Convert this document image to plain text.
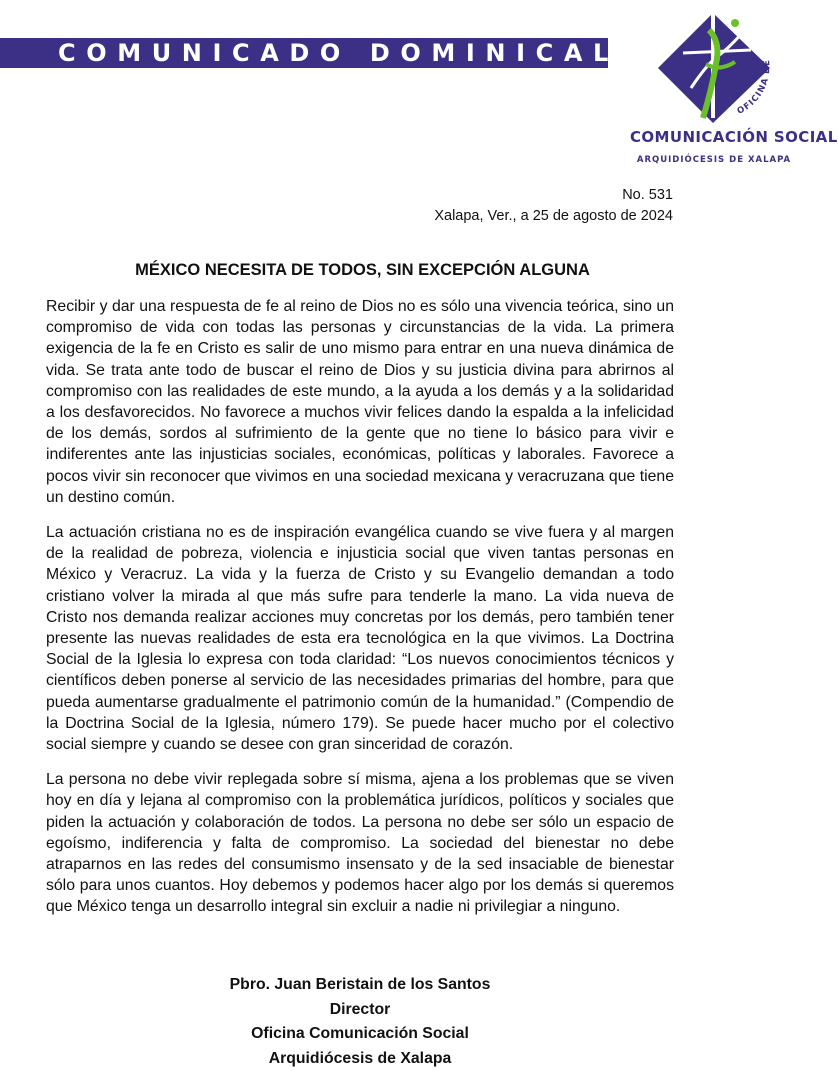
COMUNICADO DOMINICAL
OFICINA DE
COMUNICACIÓN SOCIAL
ARQUIDIÓCESIS DE XALAPA
No. 531
Xalapa, Ver., a 25 de agosto de 2024
MÉXICO NECESITA DE TODOS, SIN EXCEPCIÓN ALGUNA

Recibir y dar una respuesta de fe al reino de Dios no es sólo una vivencia teórica, sino un compromiso de vida con todas las personas y circunstancias de la vida. La primera exigencia de la fe en Cristo es salir de uno mismo para entrar en una nueva dinámica de vida. Se trata ante todo de buscar el reino de Dios y su justicia divina para abrirnos al compromiso con las realidades de este mundo, a la ayuda a los demás y a la solidaridad a los desfavorecidos. No favorece a muchos vivir felices dando la espalda a la infelicidad de los demás, sordos al sufrimiento de la gente que no tiene lo básico para vivir e indiferentes ante las injusticias sociales, económicas, políticas y laborales. Favorece a pocos vivir sin reconocer que vivimos en una sociedad mexicana y veracruzana que tiene un destino común.

La actuación cristiana no es de inspiración evangélica cuando se vive fuera y al margen de la realidad de pobreza, violencia e injusticia social que viven tantas personas en México y Veracruz. La vida y la fuerza de Cristo y su Evangelio demandan a todo cristiano volver la mirada al que más sufre para tenderle la mano. La vida nueva de Cristo nos demanda realizar acciones muy concretas por los demás, pero también tener presente las nuevas realidades de esta era tecnológica en la que vivimos. La Doctrina Social de la Iglesia lo expresa con toda claridad: “Los nuevos conocimientos técnicos y científicos deben ponerse al servicio de las necesidades primarias del hombre, para que pueda aumentarse gradualmente el patrimonio común de la humanidad.” (Compendio de la Doctrina Social de la Iglesia, número 179). Se puede hacer mucho por el colectivo social siempre y cuando se desee con gran sinceridad de corazón.

La persona no debe vivir replegada sobre sí misma, ajena a los problemas que se viven hoy en día y lejana al compromiso con la problemática jurídicos, políticos y sociales que piden la actuación y colaboración de todos. La persona no debe ser sólo un espacio de egoísmo, indiferencia y falta de compromiso. La sociedad del bienestar no debe atraparnos en las redes del consumismo insensato y de la sed insaciable de bienestar sólo para unos cuantos. Hoy debemos y podemos hacer algo por los demás si queremos que México tenga un desarrollo integral sin excluir a nadie ni privilegiar a ninguno.

Pbro. Juan Beristain de los Santos
Director
Oficina Comunicación Social
Arquidiócesis de Xalapa
